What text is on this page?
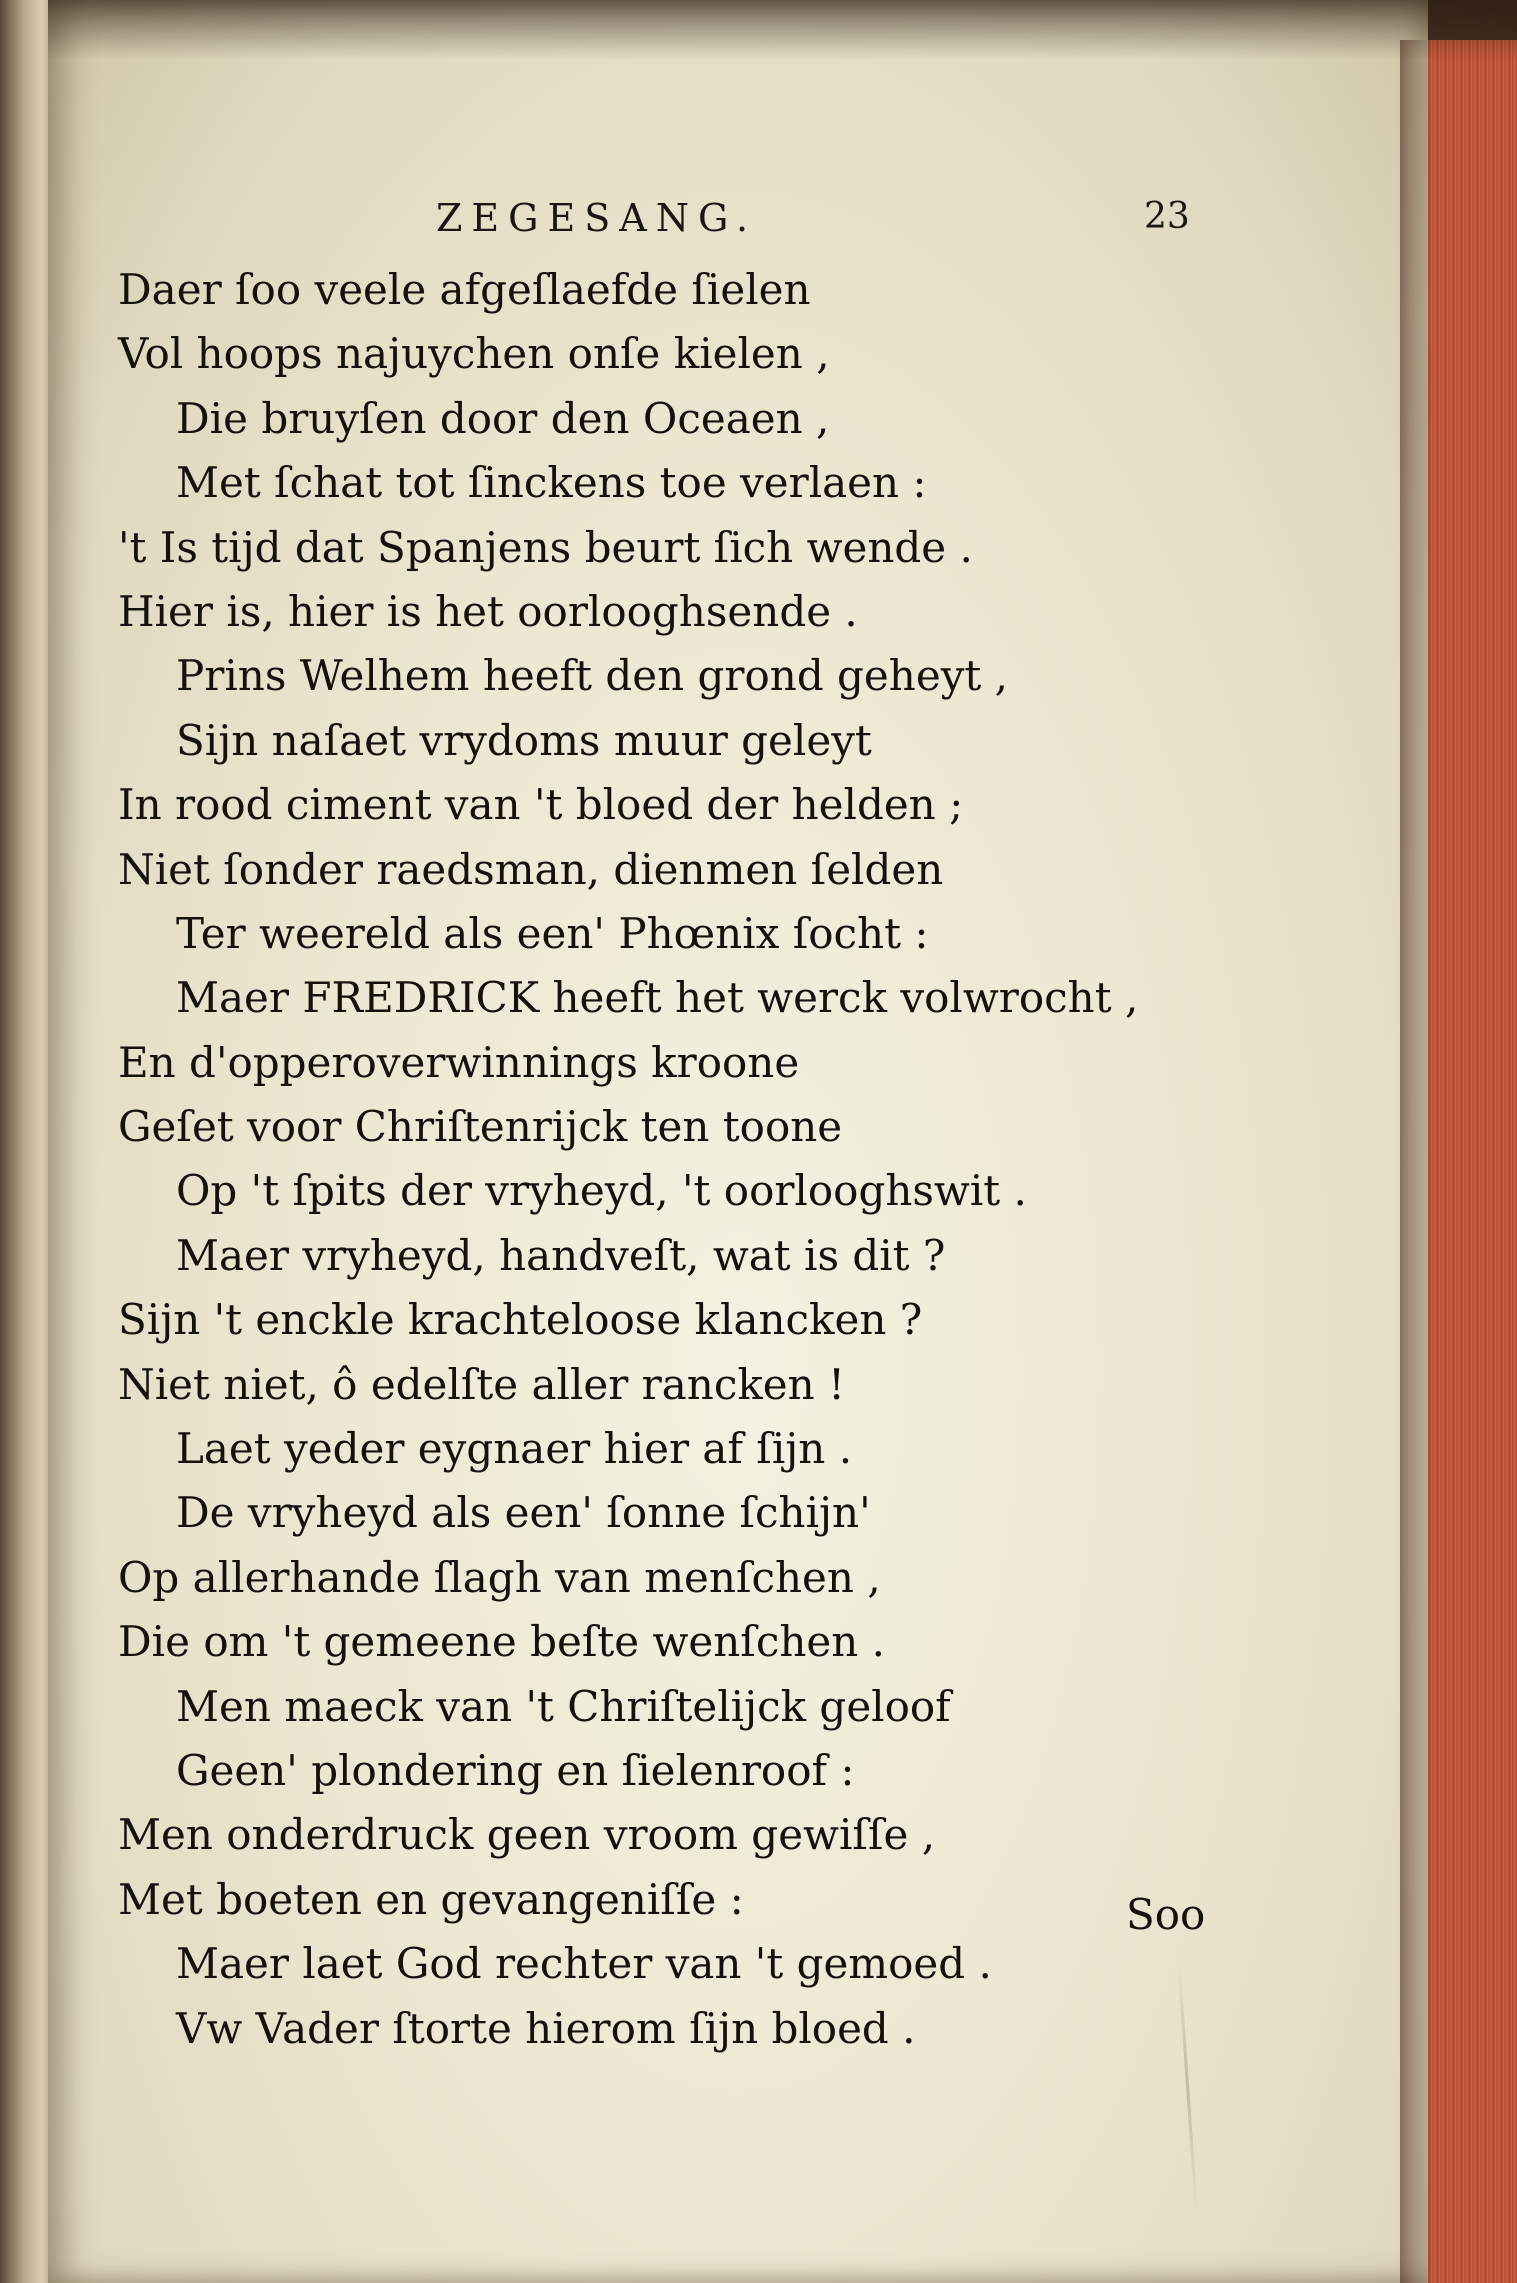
ZEGESANG.	23
Daer ſoo veele afgeſlaefde ſielen
Vol hoops najuychen onſe kielen ,
Die bruyſen door den Oceaen ,
Met ſchat tot ſinckens toe verlaen :
't Is tijd dat Spanjens beurt ſich wende .
Hier is, hier is het oorlooghsende .
Prins Welhem heeft den grond geheyt ,
Sijn naſaet vrydoms muur geleyt
In rood ciment van 't bloed der helden ;
Niet ſonder raedsman, dienmen ſelden
Ter weereld als een' Phœnix ſocht :
Maer FREDRICK heeft het werck volwrocht ,
En d'opperoverwinnings kroone
Geſet voor Chriſtenrijck ten toone
Op 't ſpits der vryheyd, 't oorlooghswit .
Maer vryheyd, handveſt, wat is dit ?
Sijn 't enckle krachteloose klancken ?
Niet niet, ô edelſte aller rancken !
Laet yeder eygnaer hier af ſijn .
De vryheyd als een' ſonne ſchijn'
Op allerhande ſlagh van menſchen ,
Die om 't gemeene beſte wenſchen .
Men maeck van 't Chriſtelijck geloof
Geen' plondering en ſielenroof :
Men onderdruck geen vroom gewiſſe ,
Met boeten en gevangeniſſe :
Maer laet God rechter van 't gemoed .
Vw Vader ſtorte hierom ſijn bloed .
Soo
